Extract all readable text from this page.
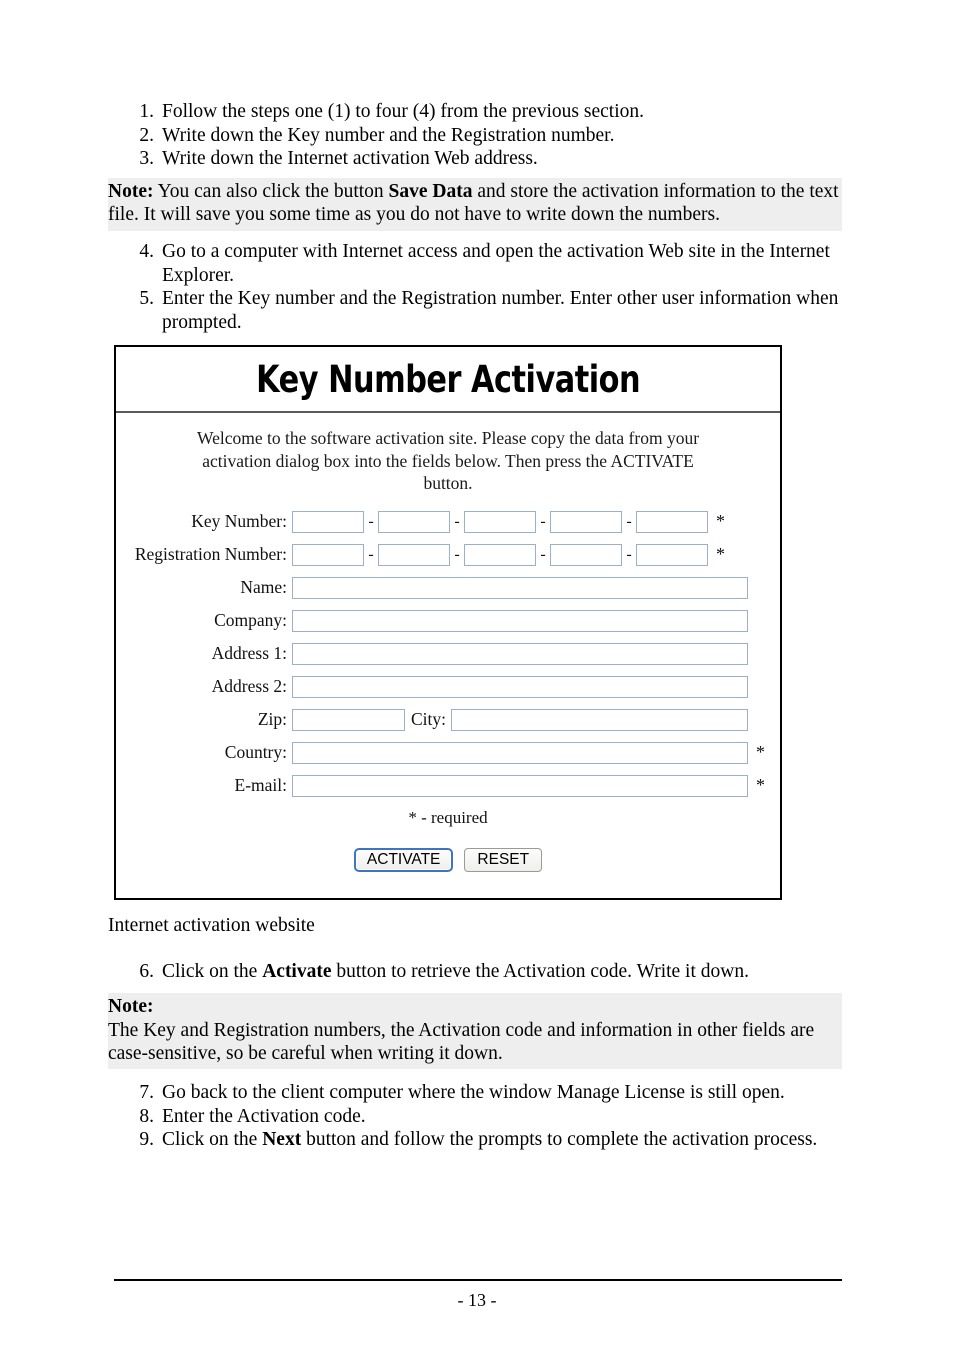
1. Follow the steps one (1) to four (4) from the previous section.
2. Write down the Key number and the Registration number.
3. Write down the Internet activation Web address.
Note: You can also click the button Save Data and store the activation information to the text file. It will save you some time as you do not have to write down the numbers.
4. Go to a computer with Internet access and open the activation Web site in the Internet Explorer.
5. Enter the Key number and the Registration number. Enter other user information when prompted.
Key Number Activation
Welcome to the software activation site. Please copy the data from your
activation dialog box into the fields below. Then press the ACTIVATE
button.
Key Number:	-	-	-	-	*
Registration Number:	-	-	-	-	*
Name:
Company:
Address 1:
Address 2:
Zip:	City:
Country:	*
E-mail:	*
* - required
ACTIVATE	RESET
Internet activation website
6. Click on the Activate button to retrieve the Activation code. Write it down.
Note:
The Key and Registration numbers, the Activation code and information in other fields are case-sensitive, so be careful when writing it down.
7. Go back to the client computer where the window Manage License is still open.
8. Enter the Activation code.
9. Click on the Next button and follow the prompts to complete the activation process.
- 13 -
